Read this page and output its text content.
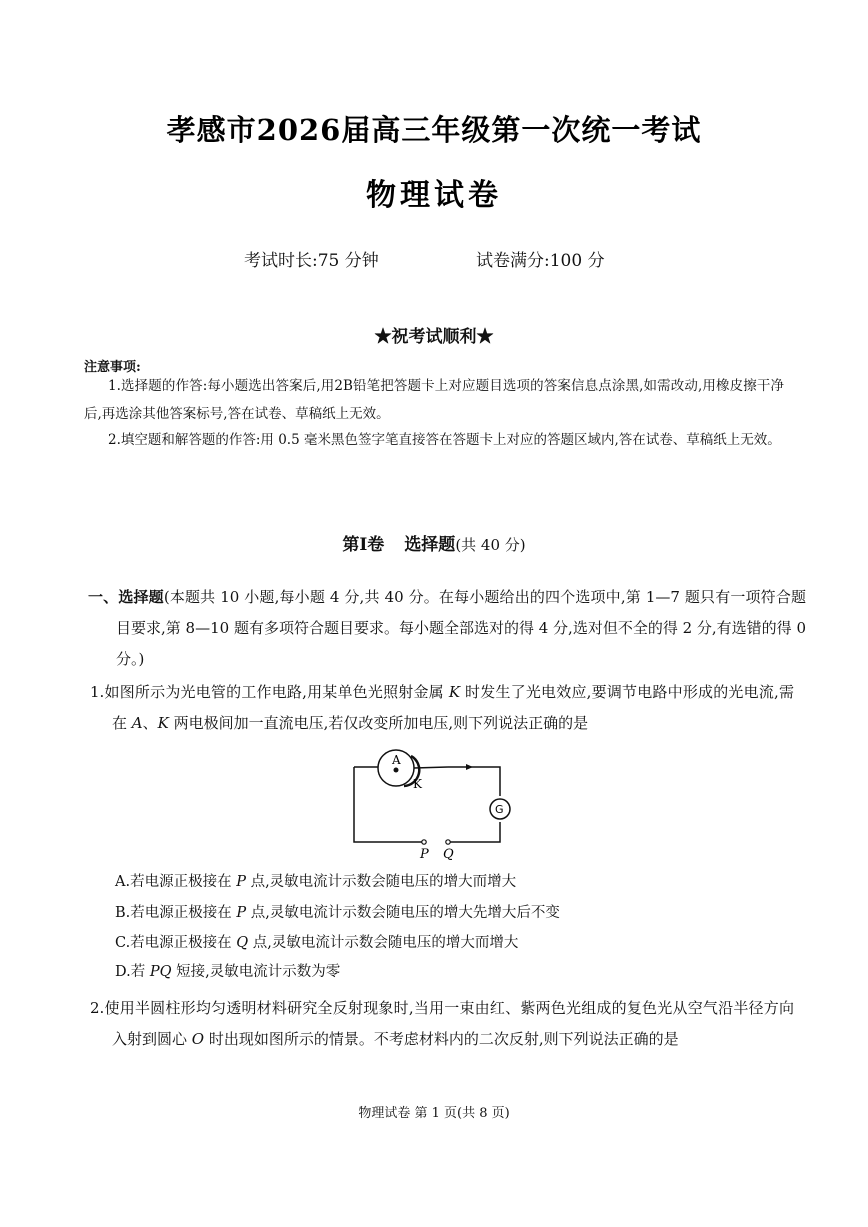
孝感市2026届高三年级第一次统一考试
物理试卷
考试时长:75 分钟	试卷满分:100 分
★祝考试顺利★
注意事项:
1.选择题的作答:每小题选出答案后,用2B铅笔把答题卡上对应题目选项的答案信息点涂黑,如需改动,用橡皮擦干净后,再选涂其他答案标号,答在试卷、草稿纸上无效。
2.填空题和解答题的作答:用 0.5 毫米黑色签字笔直接答在答题卡上对应的答题区域内,答在试卷、草稿纸上无效。
第Ⅰ卷 选择题(共 40 分)
一、选择题(本题共 10 小题,每小题 4 分,共 40 分。在每小题给出的四个选项中,第 1—7 题只有一项符合题目要求,第 8—10 题有多项符合题目要求。每小题全部选对的得 4 分,选对但不全的得 2 分,有选错的得 0 分。)
1.如图所示为光电管的工作电路,用某单色光照射金属 K 时发生了光电效应,要调节电路中形成的光电流,需在 A、K 两电极间加一直流电压,若仅改变所加电压,则下列说法正确的是
A
K
G
P Q
A.若电源正极接在 P 点,灵敏电流计示数会随电压的增大而增大
B.若电源正极接在 P 点,灵敏电流计示数会随电压的增大先增大后不变
C.若电源正极接在 Q 点,灵敏电流计示数会随电压的增大而增大
D.若 PQ 短接,灵敏电流计示数为零
2.使用半圆柱形均匀透明材料研究全反射现象时,当用一束由红、紫两色光组成的复色光从空气沿半径方向入射到圆心 O 时出现如图所示的情景。不考虑材料内的二次反射,则下列说法正确的是
物理试卷 第 1 页(共 8 页)
